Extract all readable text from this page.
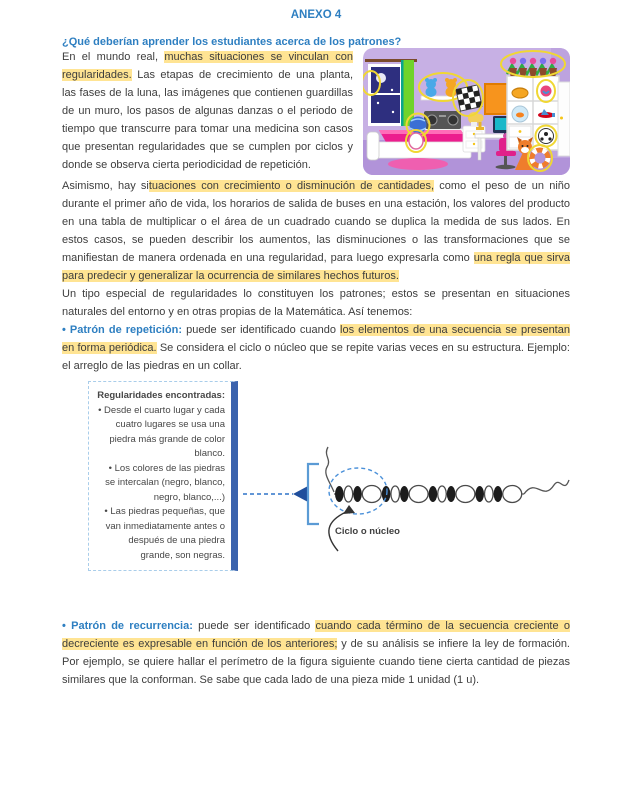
ANEXO 4
¿Qué deberían aprender los estudiantes acerca de los patrones?

En el mundo real, muchas situaciones se vinculan con regularidades. Las etapas de crecimiento de una planta, las fases de la luna, las imágenes que contienen guardillas de un muro, los pasos de algunas danzas o el periodo de tiempo que transcurre para tomar una medicina son casos que presentan regularidades que se cumplen por ciclos y donde se observa cierta periodicidad de repetición.

Asimismo, hay situaciones con crecimiento o disminución de cantidades, como el peso de un niño durante el primer año de vida, los horarios de salida de buses en una estación, los valores del producto en una tabla de multiplicar o el área de un cuadrado cuando se duplica la medida de sus lados. En estos casos, se pueden describir los aumentos, las disminuciones o las transformaciones que se manifiestan de manera ordenada en una regularidad, para luego expresarla como una regla que sirva para predecir y generalizar la ocurrencia de similares hechos futuros.

Un tipo especial de regularidades lo constituyen los patrones; estos se presentan en situaciones naturales del entorno y en otras propias de la Matemática. Así tenemos:

• Patrón de repetición: puede ser identificado cuando los elementos de una secuencia se presentan en forma periódica. Se considera el ciclo o núcleo que se repite varias veces en su estructura. Ejemplo: el arreglo de las piedras en un collar.

Regularidades encontradas:
• Desde el cuarto lugar y cada cuatro lugares se usa una piedra más grande de color blanco.
• Los colores de las piedras se intercalan (negro, blanco, negro, blanco,...)
• Las piedras pequeñas, que van inmediatamente antes o después de una piedra grande, son negras.
Ciclo o núcleo

• Patrón de recurrencia: puede ser identificado cuando cada término de la secuencia creciente o decreciente es expresable en función de los anteriores; y de su análisis se infiere la ley de formación. Por ejemplo, se quiere hallar el perímetro de la figura siguiente cuando tiene cierta cantidad de piezas similares que la conforman. Se sabe que cada lado de una pieza mide 1 unidad (1 u).
